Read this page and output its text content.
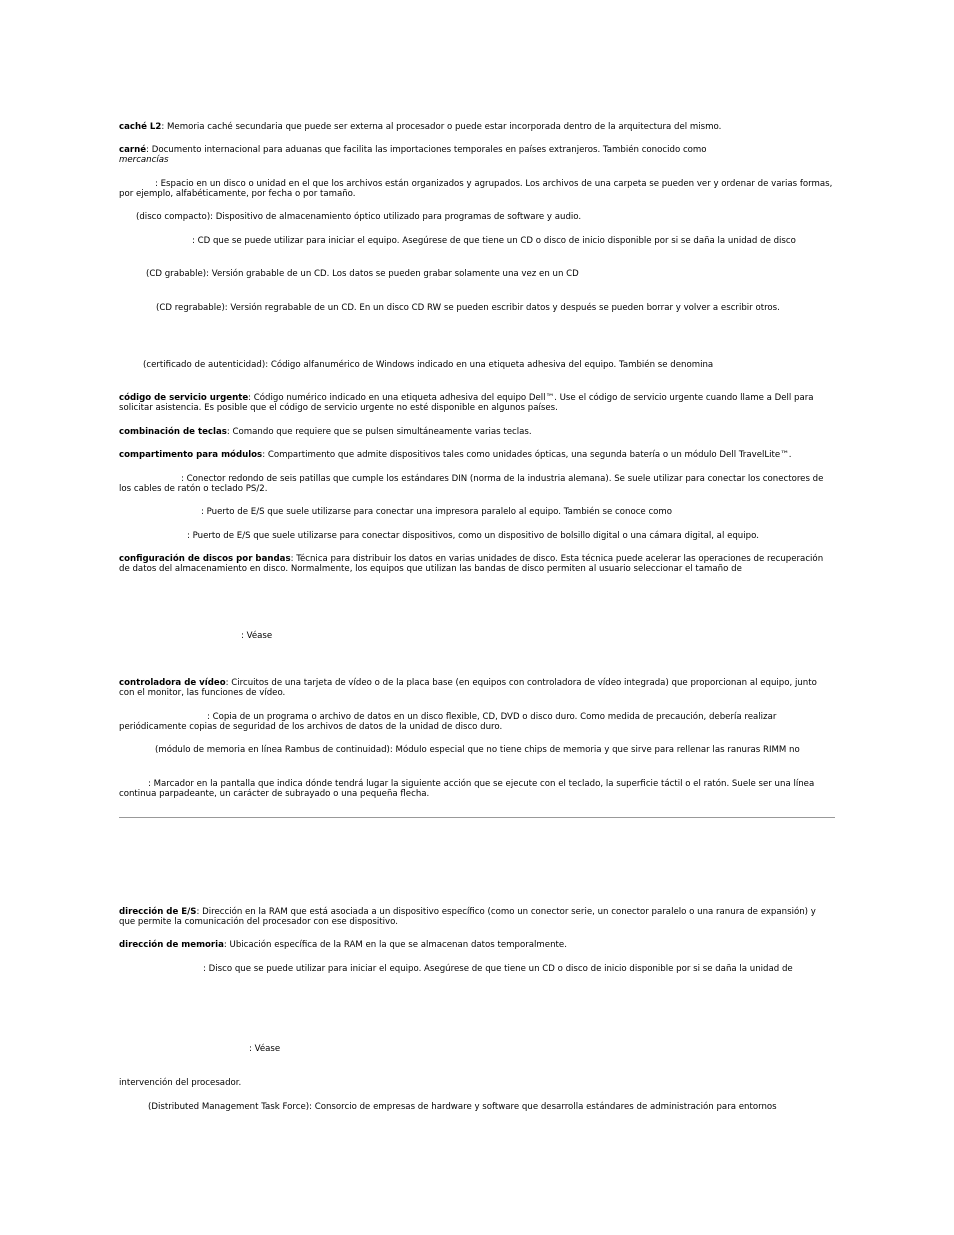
caché L2: Memoria caché secundaria que puede ser externa al procesador o puede estar incorporada dentro de la arquitectura del mismo.

carné: Documento internacional para aduanas que facilita las importaciones temporales en países extranjeros. También conocido como
mercancías

: Espacio en un disco o unidad en el que los archivos están organizados y agrupados. Los archivos de una carpeta se pueden ver y ordenar de varias formas, por ejemplo, alfabéticamente, por fecha o por tamaño.

(disco compacto): Dispositivo de almacenamiento óptico utilizado para programas de software y audio.

: CD que se puede utilizar para iniciar el equipo. Asegúrese de que tiene un CD o disco de inicio disponible por si se daña la unidad de disco

(CD grabable): Versión grabable de un CD. Los datos se pueden grabar solamente una vez en un CD

(CD regrabable): Versión regrabable de un CD. En un disco CD RW se pueden escribir datos y después se pueden borrar y volver a escribir otros.

(certificado de autenticidad): Código alfanumérico de Windows indicado en una etiqueta adhesiva del equipo. También se denomina

código de servicio urgente: Código numérico indicado en una etiqueta adhesiva del equipo Dell™. Use el código de servicio urgente cuando llame a Dell para solicitar asistencia. Es posible que el código de servicio urgente no esté disponible en algunos países.

combinación de teclas: Comando que requiere que se pulsen simultáneamente varias teclas.

compartimento para módulos: Compartimento que admite dispositivos tales como unidades ópticas, una segunda batería o un módulo Dell TravelLite™.

: Conector redondo de seis patillas que cumple los estándares DIN (norma de la industria alemana). Se suele utilizar para conectar los conectores de los cables de ratón o teclado PS/2.

: Puerto de E/S que suele utilizarse para conectar una impresora paralelo al equipo. También se conoce como

: Puerto de E/S que suele utilizarse para conectar dispositivos, como un dispositivo de bolsillo digital o una cámara digital, al equipo.

configuración de discos por bandas: Técnica para distribuir los datos en varias unidades de disco. Esta técnica puede acelerar las operaciones de recuperación de datos del almacenamiento en disco. Normalmente, los equipos que utilizan las bandas de disco permiten al usuario seleccionar el tamaño de

: Véase

controladora de vídeo: Circuitos de una tarjeta de vídeo o de la placa base (en equipos con controladora de vídeo integrada) que proporcionan al equipo, junto con el monitor, las funciones de vídeo.

: Copia de un programa o archivo de datos en un disco flexible, CD, DVD o disco duro. Como medida de precaución, debería realizar periódicamente copias de seguridad de los archivos de datos de la unidad de disco duro.

(módulo de memoria en línea Rambus de continuidad): Módulo especial que no tiene chips de memoria y que sirve para rellenar las ranuras RIMM no

: Marcador en la pantalla que indica dónde tendrá lugar la siguiente acción que se ejecute con el teclado, la superficie táctil o el ratón. Suele ser una línea continua parpadeante, un carácter de subrayado o una pequeña flecha.

dirección de E/S: Dirección en la RAM que está asociada a un dispositivo específico (como un conector serie, un conector paralelo o una ranura de expansión) y que permite la comunicación del procesador con ese dispositivo.

dirección de memoria: Ubicación específica de la RAM en la que se almacenan datos temporalmente.

: Disco que se puede utilizar para iniciar el equipo. Asegúrese de que tiene un CD o disco de inicio disponible por si se daña la unidad de

: Véase

intervención del procesador.

(Distributed Management Task Force): Consorcio de empresas de hardware y software que desarrolla estándares de administración para entornos
